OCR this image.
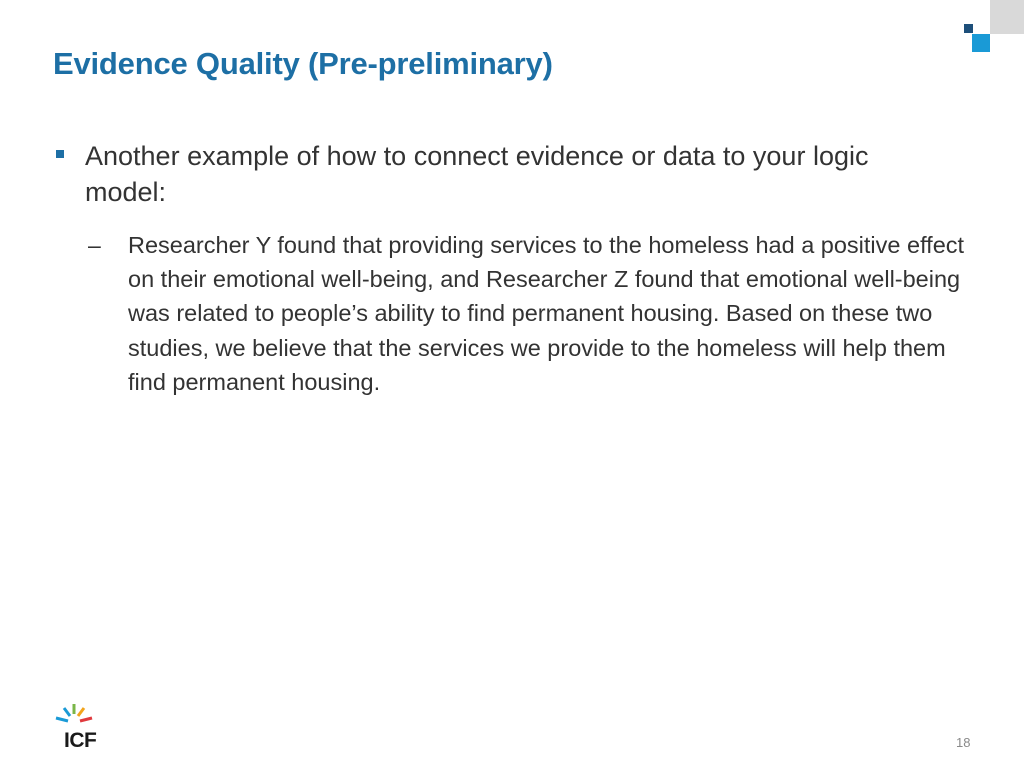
Evidence Quality (Pre-preliminary)
Another example of how to connect evidence or data to your logic model:
– Researcher Y found that providing services to the homeless had a positive effect on their emotional well-being, and Researcher Z found that emotional well-being was related to people’s ability to find permanent housing. Based on these two studies, we believe that the services we provide to the homeless will help them find permanent housing.
ICF	18
